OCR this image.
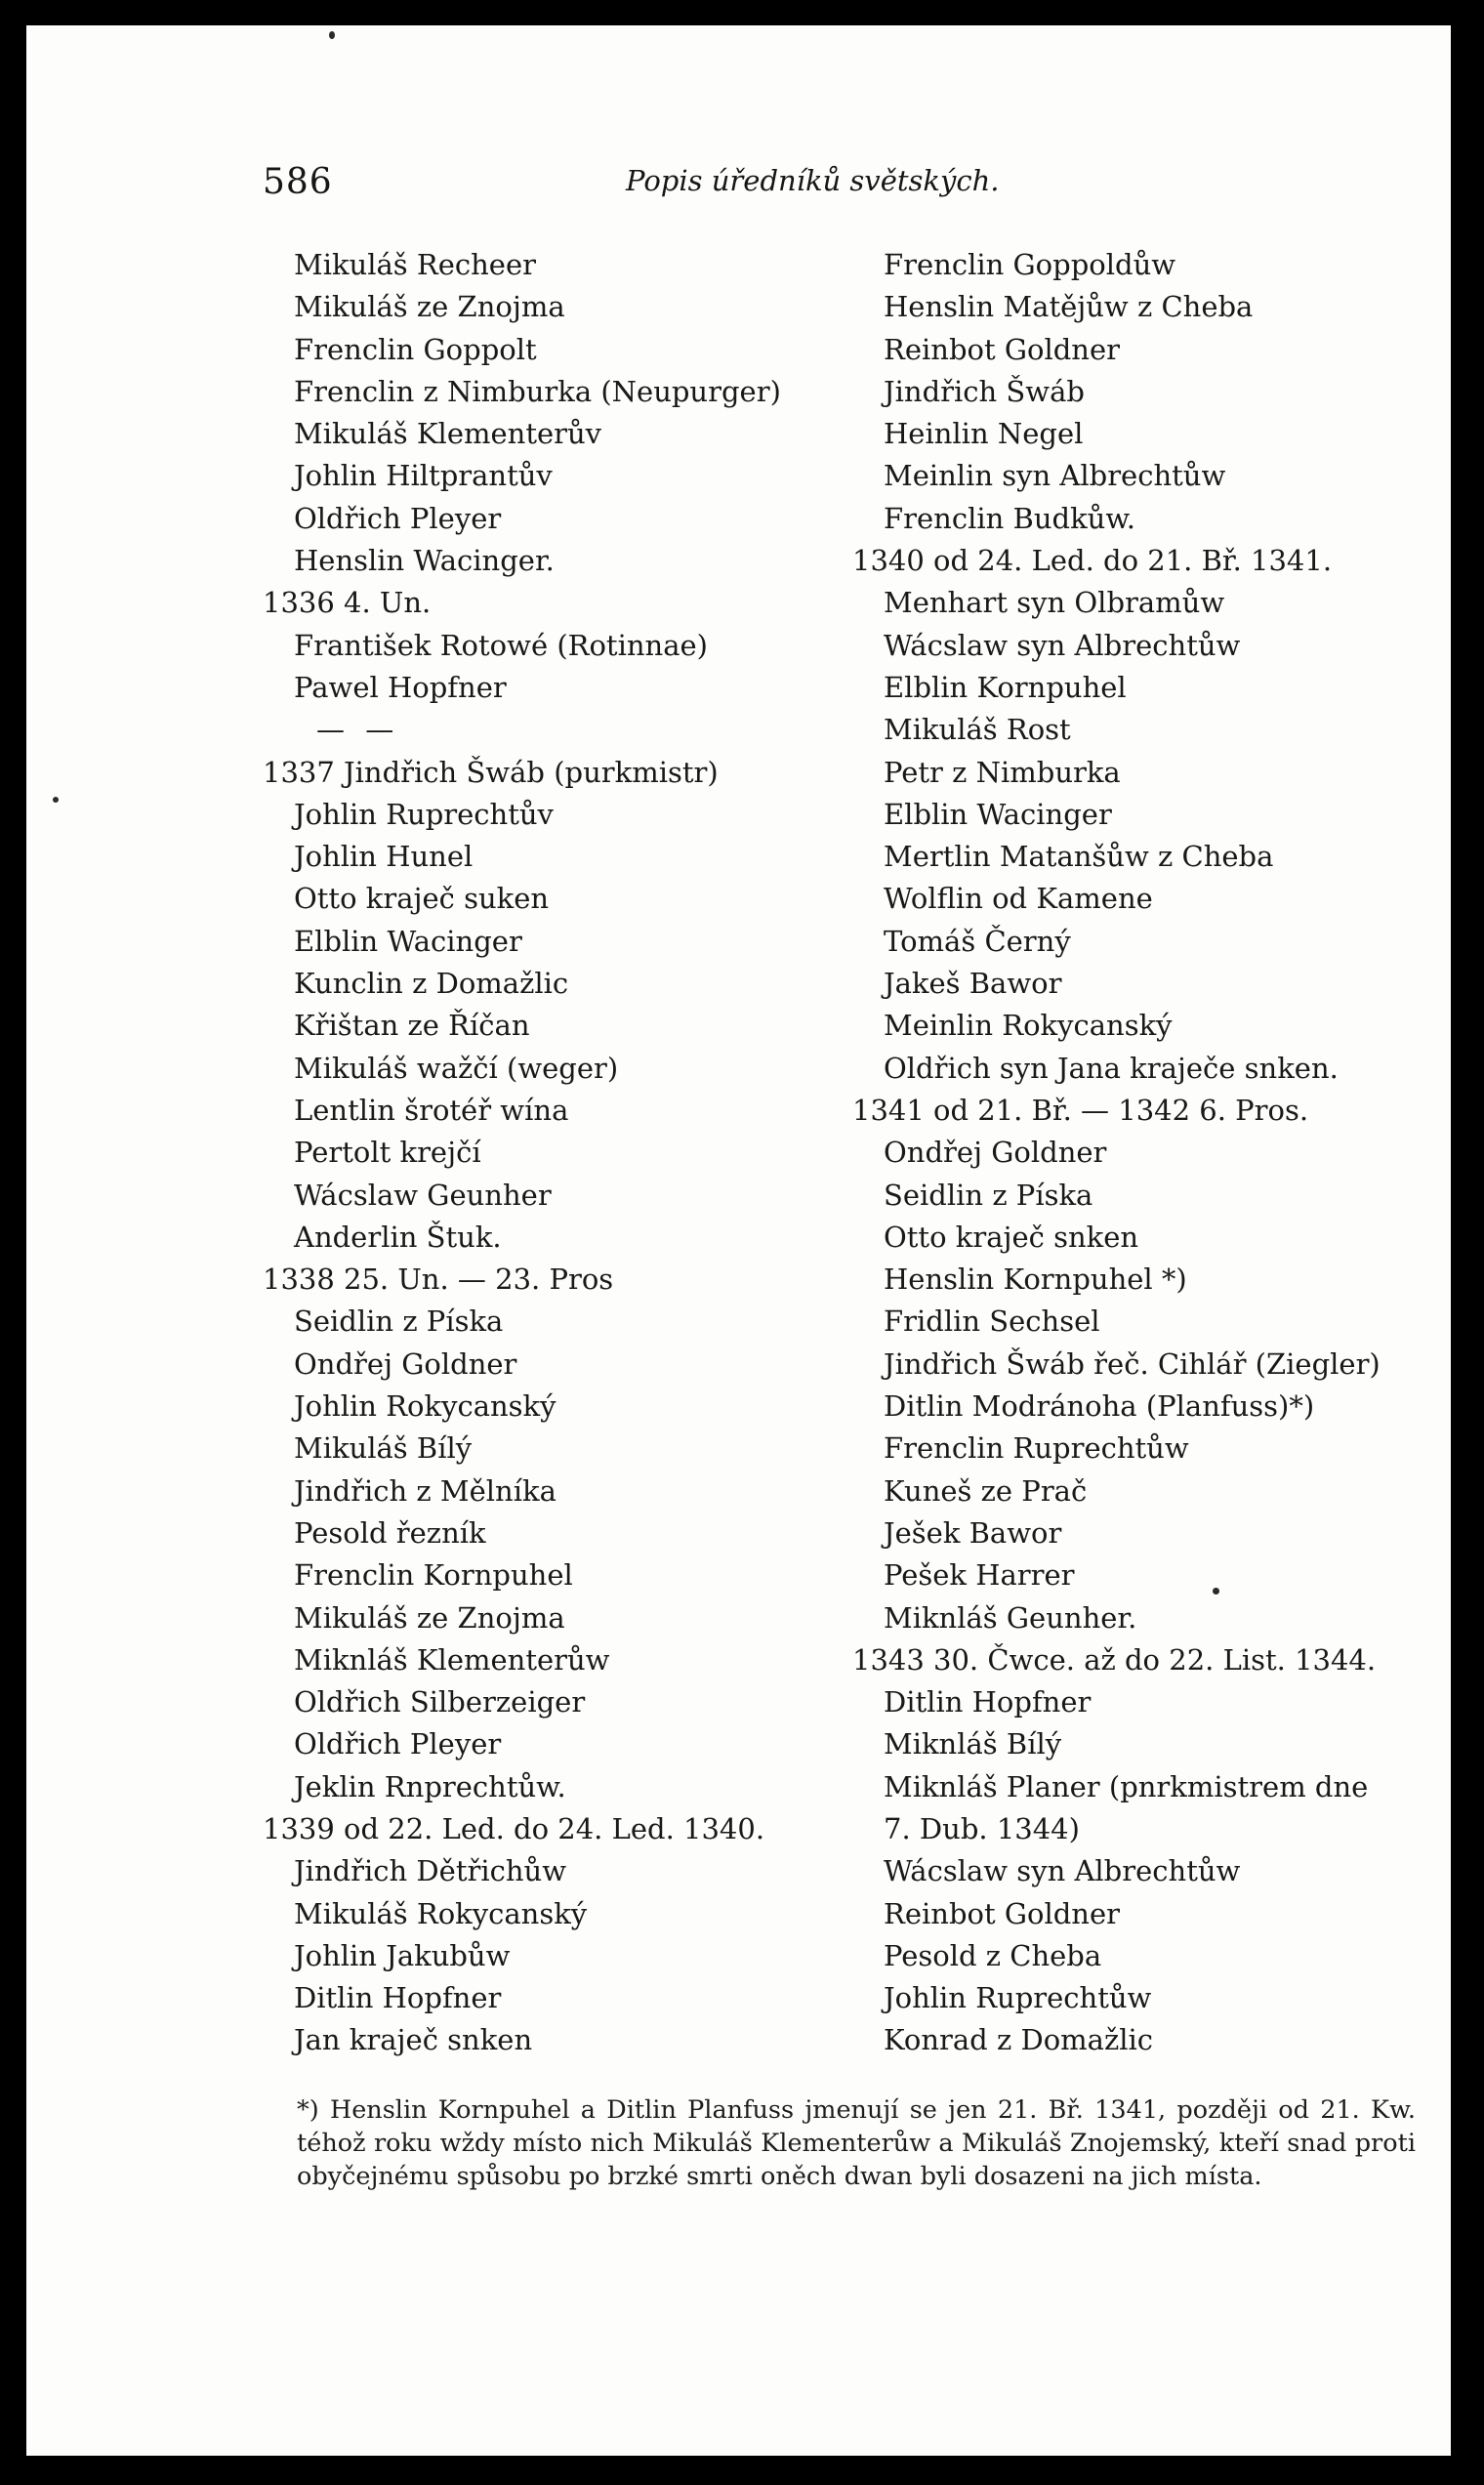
586	Popis úředníků světských.
Mikuláš Recheer
Mikuláš ze Znojma
Frenclin Goppolt
Frenclin z Nimburka (Neupurger)
Mikuláš Klementerův
Johlin Hiltprantův
Oldřich Pleyer
Henslin Wacinger.
1336 4. Un.
František Rotowé (Rotinnae)
Pawel Hopfner
— —
1337 Jindřich Šwáb (purkmistr)
Johlin Ruprechtův
Johlin Hunel
Otto kraječ suken
Elblin Wacinger
Kunclin z Domažlic
Křištan ze Říčan
Mikuláš wažčí (weger)
Lentlin šrotéř wína
Pertolt krejčí
Wácslaw Geunher
Anderlin Štuk.
1338 25. Un. — 23. Pros
Seidlin z Píska
Ondřej Goldner
Johlin Rokycanský
Mikuláš Bílý
Jindřich z Mělníka
Pesold řezník
Frenclin Kornpuhel
Mikuláš ze Znojma
Miknláš Klementerůw
Oldřich Silberzeiger
Oldřich Pleyer
Jeklin Rnprechtůw.
1339 od 22. Led. do 24. Led. 1340.
Jindřich Dětřichůw
Mikuláš Rokycanský
Johlin Jakubůw
Ditlin Hopfner
Jan kraječ snken
Frenclin Goppoldůw
Henslin Matějůw z Cheba
Reinbot Goldner
Jindřich Šwáb
Heinlin Negel
Meinlin syn Albrechtůw
Frenclin Budkůw.
1340 od 24. Led. do 21. Bř. 1341.
Menhart syn Olbramůw
Wácslaw syn Albrechtůw
Elblin Kornpuhel
Mikuláš Rost
Petr z Nimburka
Elblin Wacinger
Mertlin Matanšůw z Cheba
Wolflin od Kamene
Tomáš Černý
Jakeš Bawor
Meinlin Rokycanský
Oldřich syn Jana kraječe snken.
1341 od 21. Bř. — 1342 6. Pros.
Ondřej Goldner
Seidlin z Píska
Otto kraječ snken
Henslin Kornpuhel *)
Fridlin Sechsel
Jindřich Šwáb řeč. Cihlář (Ziegler)
Ditlin Modránoha (Planfuss)*)
Frenclin Ruprechtůw
Kuneš ze Prač
Ješek Bawor
Pešek Harrer
Miknláš Geunher.
1343 30. Čwce. až do 22. List. 1344.
Ditlin Hopfner
Miknláš Bílý
Miknláš Planer (pnrkmistrem dne
7. Dub. 1344)
Wácslaw syn Albrechtůw
Reinbot Goldner
Pesold z Cheba
Johlin Ruprechtůw
Konrad z Domažlic
*) Henslin Kornpuhel a Ditlin Planfuss jmenují se jen 21. Bř. 1341, později od 21. Kw. téhož roku wždy místo nich Mikuláš Klementerůw a Mikuláš Znojemský, kteří snad proti obyčejnému spůsobu po brzké smrti oněch dwan byli dosazeni na jich místa.
